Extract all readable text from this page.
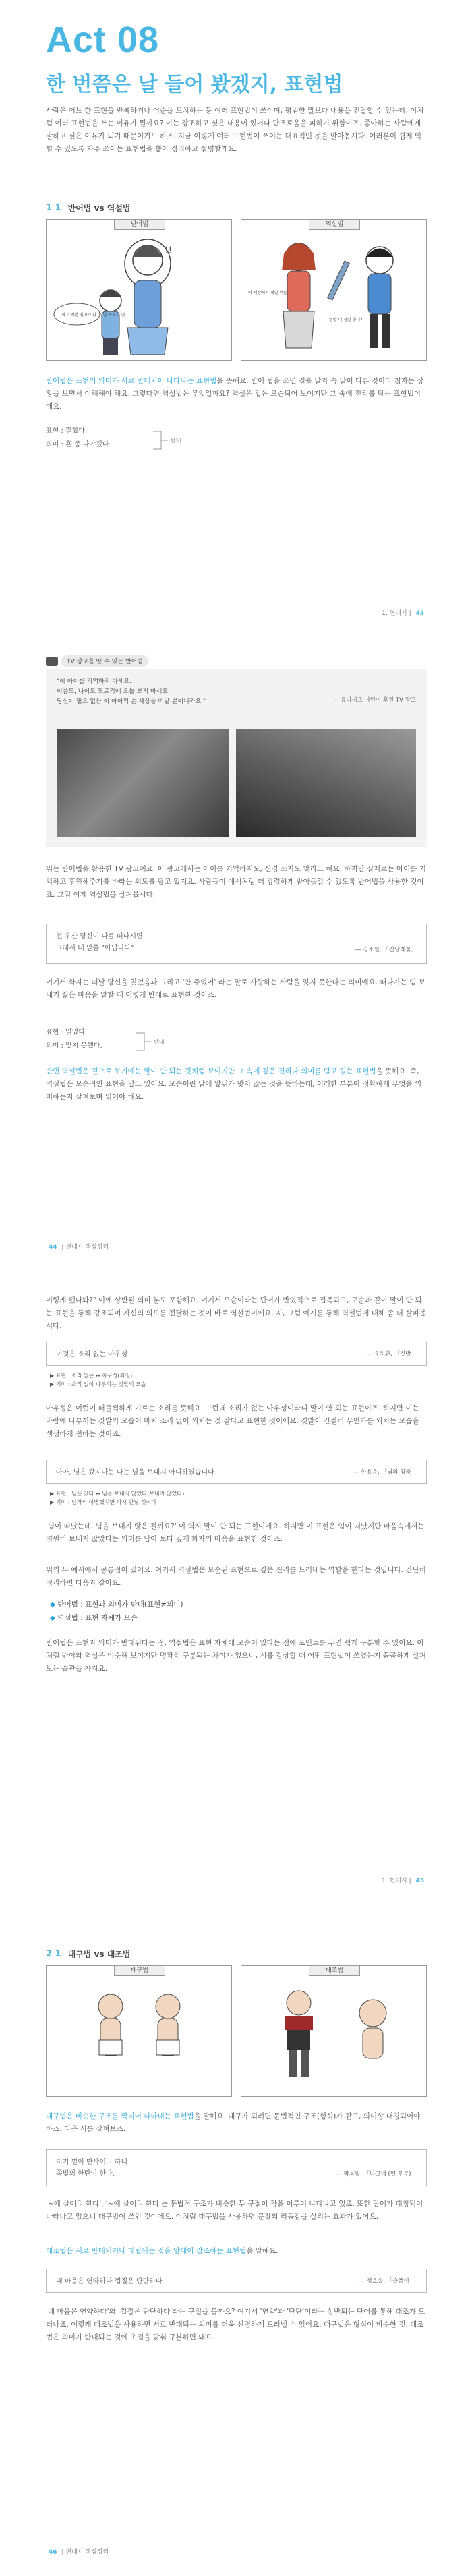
Act 08
한 번쯤은 날 들어 봤겠지, 표현법
사람은 어느 한 표현을 반복하거나 어순을 도치하는 등 여러 표현법이 쓰이며, 평범한 말보다 내용을 전달할 수 있는데, 이처럼 여러 표현법을 쓰는 이유가 뭘까요? 이는 강조하고 싶은 내용이 있거나 단조로움을 피하기 위함이죠. 좋아하는 사람에게 말하고 싶은 이유가 되기 때문이기도 하죠. 지금 이렇게 여러 표현법이 쓰이는 대표적인 것을 알아봅시다. 여러분이 쉽게 익힐 수 있도록 자주 쓰이는 표현법을 뽑아 정리하고 설명할게요.
1 1 반어법 vs 역설법
반어법
최고 예쁜 엄마가 나 그 말 쓰지도 한
!!
역설법
이 세상에서 제일 너를
정말 너 정말 좋니?
반어법은 표현의 의미가 서로 반대되어 나타나는 표현법을 뜻해요. 반어 법을 쓰면 겉을 말과 속 말이 다른 것이라 청자는 상황을 보면서 이해해야 해요. 그렇다면 역설법은 무엇일까요? 역설은 겉은 모순되어 보이지만 그 속에 진리를 담는 표현법이에요.
표현 : 잘했다,
의미 : 혼 좀 나야겠다.
반대
1. 현대시 | 43
TV 광고를 알 수 있는 반어법
"이 아이를 기억하지 마세요.
이름도, 나이도 모르기에 오늘 보지 마세요.
당신이 필요 없는 이 아이의 손 세상을 떠날 뿐이니까요."	— 유니세프 어린이 후원 TV 광고
위는 반어법을 활용한 TV 광고예요. 이 광고에서는 아이를 기억하지도, 신경 쓰지도 말라고 해요. 하지만 실제로는 아이를 기억하고 후원해주기를 바라는 의도를 담고 있지요. 사람들이 예시처럼 더 강렬하게 받아들일 수 있도록 반어법을 사용한 것이죠. 그럼 이제 역설법을 살펴봅시다.
전 우산 당신이 나를 떠나시면
그래서 내 말씀 "아닙니다"	— 김소월, 「진달래꽃」
여기서 화자는 떠날 당신을 잊었음과 그리고 '안 주었어' 라는 말로 사랑하는 사람을 잊지 못한다는 의미예요. 떠나가는 임 보내기 싫은 마음을 말할 때 이렇게 반대로 표현한 것이죠.
표현 : 잊었다.
의미 : 잊지 못했다.
반대
반면 역설법은 겉으로 보기에는 말이 안 되는 것처럼 보이지만 그 속에 깊은 진리나 의미를 담고 있는 표현법을 뜻해요. 즉, 역설법은 모순적인 표현을 담고 있어요. 모순이란 말에 앞뒤가 맞지 않는 것을 뜻하는데, 이러한 부분이 정확하게 무엇을 의미하는지 살펴보며 읽어야 해요.
44 | 현대시 핵심정리
이렇게 됐나봐?" 이에 상반된 의미 분도 포함해요. 여기서 모순이라는 단어가 반었적으로 접목되고, 모순과 같이 말이 안 되는 표현을 통해 강조되며 자신의 의도를 전달하는 것이 바로 역설법이에요. 자, 그럼 예시를 통해 역설법에 대해 좀 더 살펴봅시다.
이것은 소리 없는 아우성	— 유치환, 「깃발」
▶ 표현 : 소리 없는 ↔ 아우성(외침)
▶ 의미 : 소리 없이 나부끼는 깃발의 모습
아우성은 여럿이 떠들썩하게 기르는 소리를 뜻해요. 그런데 소리가 없는 아우성이라니 말이 안 되는 표현이죠. 하지만 이는 바람에 나부끼는 깃발의 모습이 마치 소리 없이 외치는 것 같다고 표현한 것이에요. 깃발이 간절히 무언가를 외치는 모습을 생생하게 전하는 것이죠.
아아, 님은 갔지마는 나는 님을 보내지 아니하였습니다.	— 한용운, 「님의 침묵」
▶ 표현 : 님은 갔다 ↔ 님을 보내지 않았다(보내지 않았다)
▶ 의미 : 님과의 이별했지만 다시 만날 것이다
'님이 떠났는데, 님을 보내지 않은 걸까요?' 이 역시 말이 안 되는 표현이에요. 하지만 이 표현은 임이 떠났지만 마음속에서는 영원히 보내지 않았다는 의미를 담아 보다 깊게 화자의 마음을 표현한 것이죠.
위의 두 예시에서 공통점이 있어요. 여기서 역설법은 모순된 표현으로 깊은 진리를 드러내는 역할을 한다는 것입니다. 간단히 정리하면 다음과 같아요.
◆ 반어법 : 표현과 의미가 반대(표현≠의미)
◆ 역설법 : 표현 자체가 모순
반어법은 표현과 의미가 반대된다는 점, 역설법은 표현 자체에 모순이 있다는 점에 포인트를 두면 쉽게 구분할 수 있어요. 이처럼 반어와 역설은 비슷해 보이지만 명확히 구분되는 차이가 있으니, 시를 감상할 때 어떤 표현법이 쓰였는지 꼼꼼하게 살펴보는 습관을 가져요.
1. 현대시 | 45
2 1 대구법 vs 대조법
대구법	대조법
대구법은 비슷한 구조를 짝지어 나타내는 표현법을 말해요. 대구가 되려면 문법적인 구조(형식)가 같고, 의미상 대칭되어야 하죠. 다음 시를 살펴보죠.
저기 별이 반짝이고 하니
쪽빛의 한탄이 한다.	— 박목월, 「나그네 (일 부분)」
'~에 살어리 한다', '~에 살어리 한다'는 문법적 구조가 비슷한 두 구절이 짝을 이루어 나타나고 있죠. 또한 단어가 대칭되어 나타나고 있으니 대구법이 쓰인 것이에요. 이처럼 대구법을 사용하면 문장의 리듬감을 살리는 효과가 있어요.
대조법은 서로 반대되거나 대립되는 것을 맞대어 강조하는 표현법을 말해요.
내 마음은 연약하나 껍질은 단단하다.	— 정호승, 「슬픔이 」
'내 마음은 연약하다'와 '껍질은 단단하다'라는 구절을 볼까요? 여기서 '연약'과 '단단'이라는 상반되는 단어를 통해 대조가 드러나죠. 이렇게 대조법을 사용하면 서로 반대되는 의미를 더욱 선명하게 드러낼 수 있어요. 대구법은 형식이 비슷한 것, 대조법은 의미가 반대되는 것에 초점을 맞춰 구분하면 돼요.
46 | 현대시 핵심정리
